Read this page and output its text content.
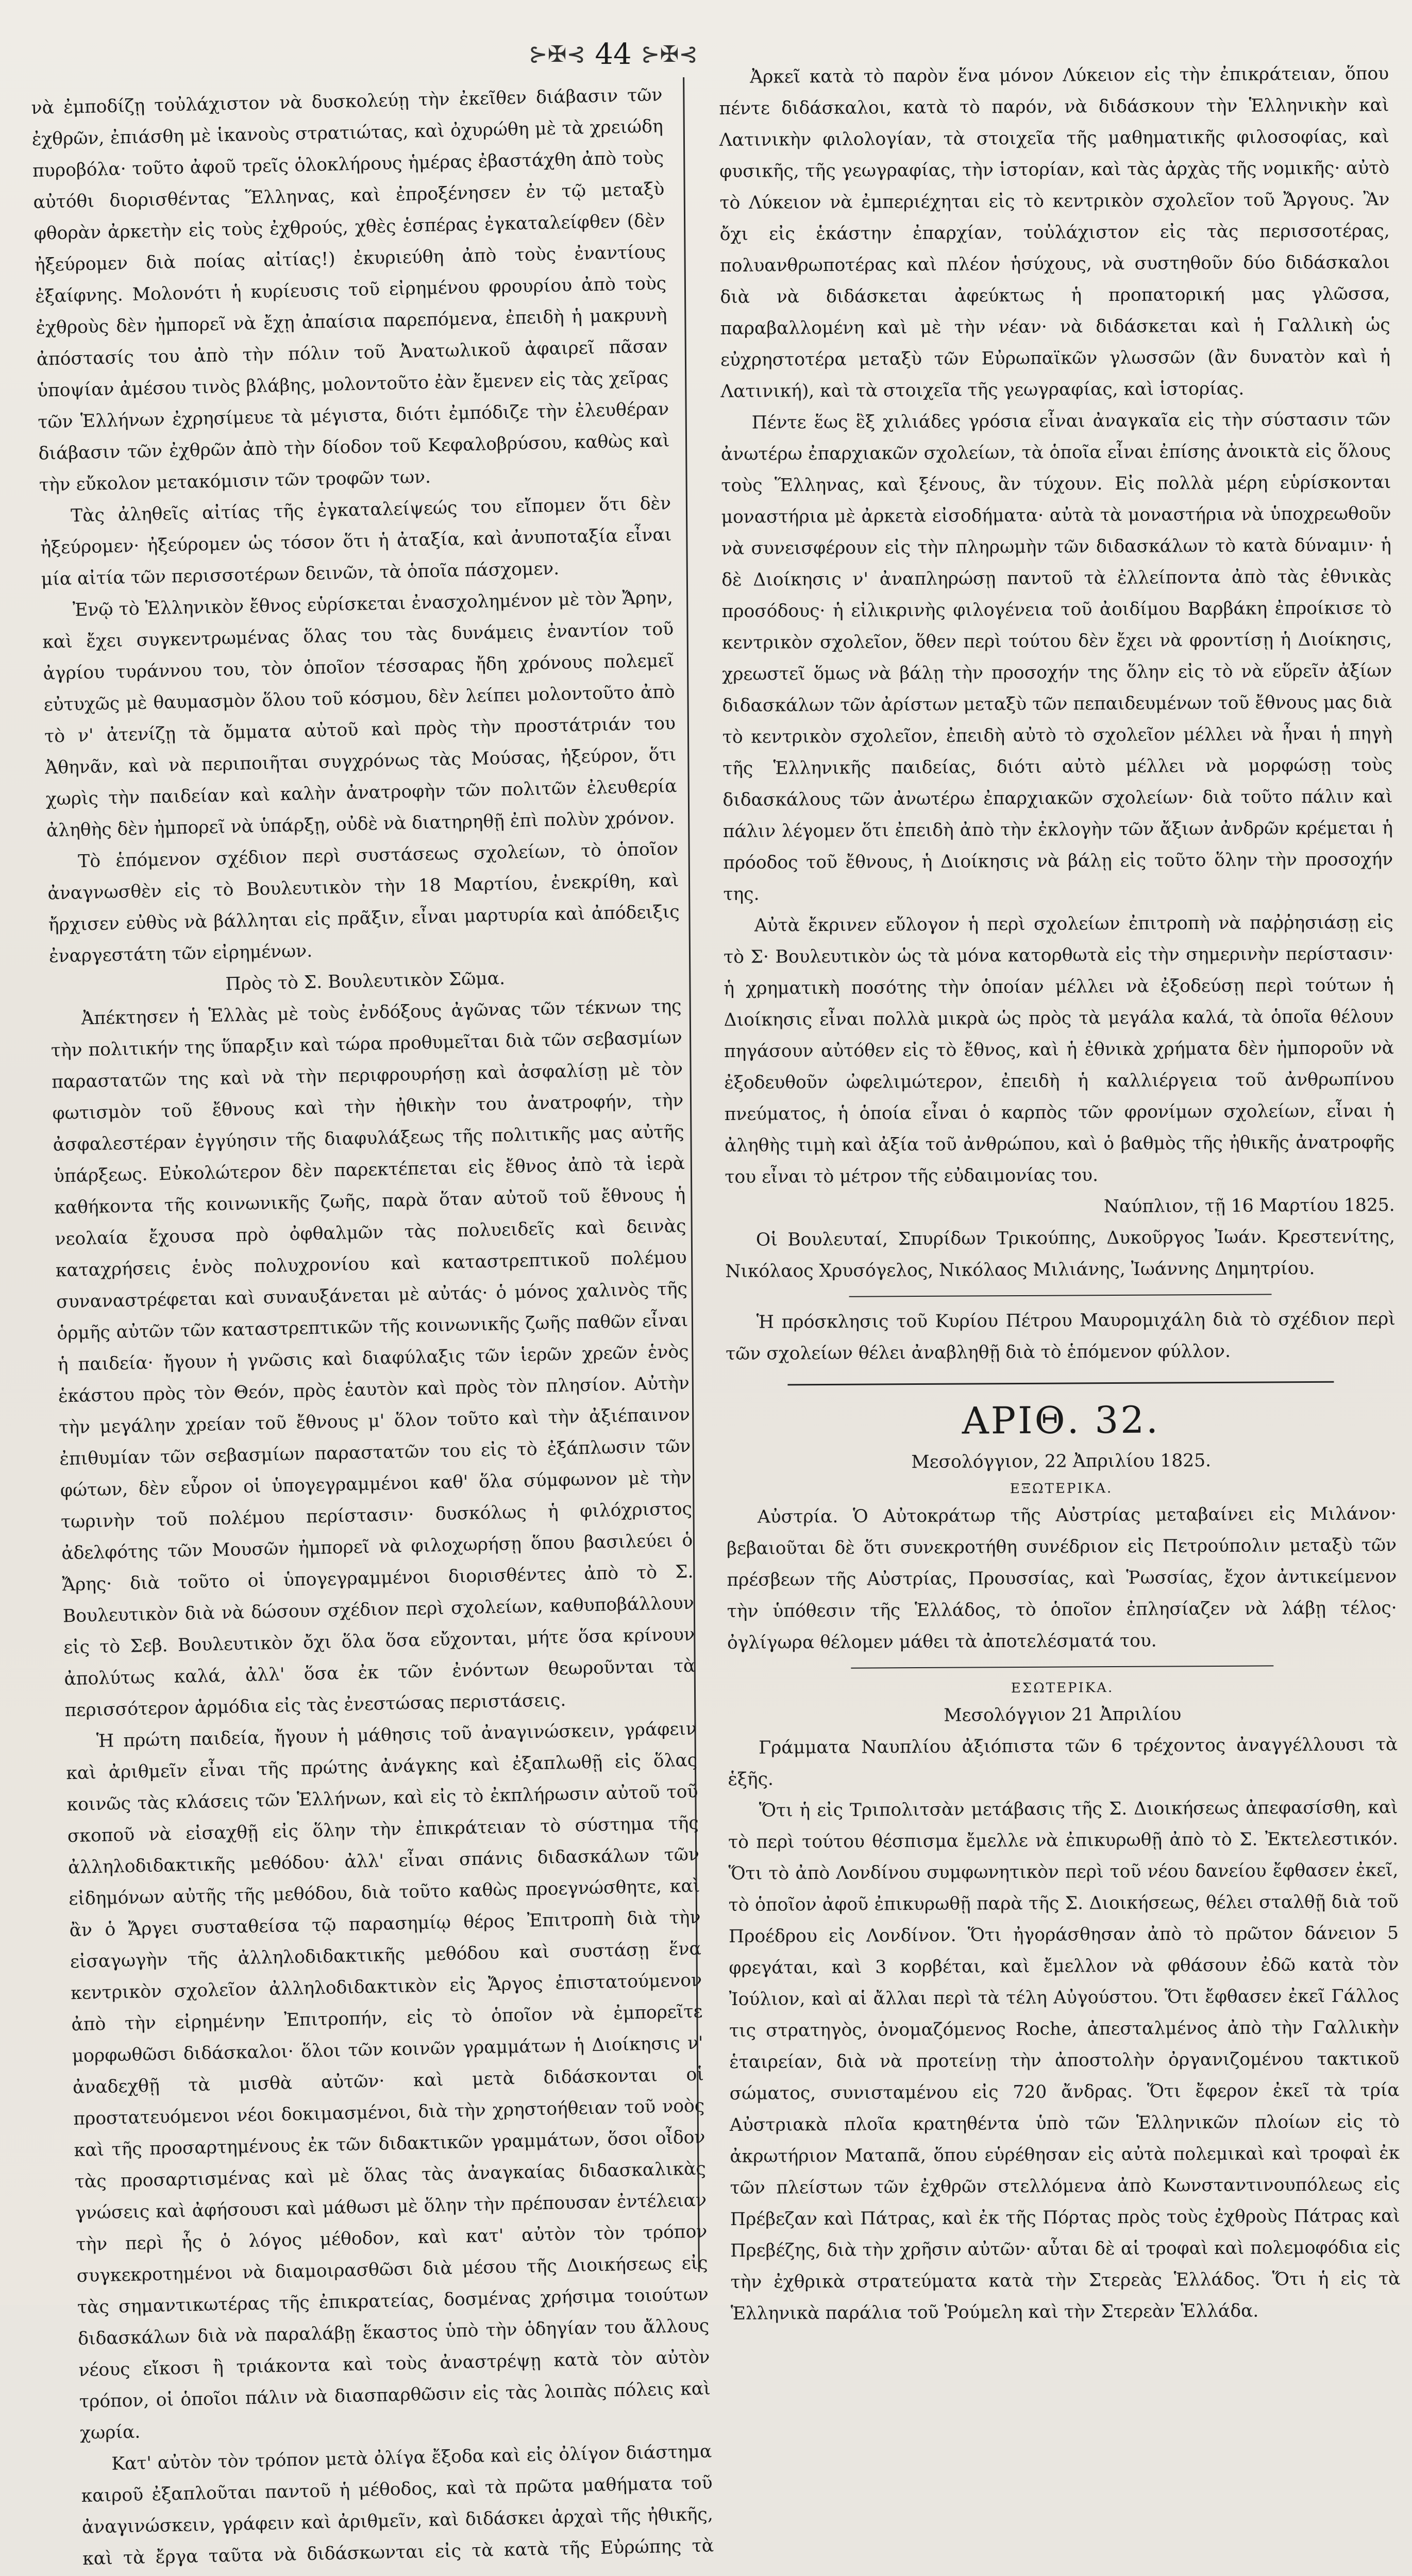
⊱✠⊰ 44 ⊱✠⊰

νὰ ἐμποδίζῃ τοὐλάχιστον νὰ δυσκολεύῃ τὴν ἐκεῖθεν διάβασιν τῶν ἐχθρῶν, ἐπιάσθη μὲ ἱκανοὺς στρατιώτας, καὶ ὀχυρώθη μὲ τὰ χρειώδη πυροβόλα· τοῦτο ἀφοῦ τρεῖς ὁλοκλήρους ἡμέρας ἐβαστάχθη ἀπὸ τοὺς αὐτόθι διορισθέντας Ἕλληνας, καὶ ἐπροξένησεν ἐν τῷ μεταξὺ φθορὰν ἀρκετὴν εἰς τοὺς ἐχθρούς, χθὲς ἑσπέρας ἐγκαταλείφθεν (δὲν ἠξεύρομεν διὰ ποίας αἰτίας!) ἐκυριεύθη ἀπὸ τοὺς ἐναντίους ἐξαίφνης. Μολονότι ἡ κυρίευσις τοῦ εἰρημένου φρουρίου ἀπὸ τοὺς ἐχθροὺς δὲν ἠμπορεῖ νὰ ἔχῃ ἀπαίσια παρεπόμενα, ἐπειδὴ ἡ μακρυνὴ ἀπόστασίς του ἀπὸ τὴν πόλιν τοῦ Ἀνατωλικοῦ ἀφαιρεῖ πᾶσαν ὑποψίαν ἀμέσου τινὸς βλάβης, μολοντοῦτο ἐὰν ἔμενεν εἰς τὰς χεῖρας τῶν Ἑλλήνων ἐχρησίμευε τὰ μέγιστα, διότι ἐμπόδιζε τὴν ἐλευθέραν διάβασιν τῶν ἐχθρῶν ἀπὸ τὴν δίοδον τοῦ Κεφαλοβρύσου, καθὼς καὶ τὴν εὔκολον μετακόμισιν τῶν τροφῶν των.

Τὰς ἀληθεῖς αἰτίας τῆς ἐγκαταλείψεώς του εἴπομεν ὅτι δὲν ἠξεύρομεν· ἠξεύρομεν ὡς τόσον ὅτι ἡ ἀταξία, καὶ ἀνυποταξία εἶναι μία αἰτία τῶν περισσοτέρων δεινῶν, τὰ ὁποῖα πάσχομεν.

Ἐνῷ τὸ Ἑλληνικὸν ἔθνος εὑρίσκεται ἐνασχολημένον μὲ τὸν Ἄρην, καὶ ἔχει συγκεντρωμένας ὅλας του τὰς δυνάμεις ἐναντίον τοῦ ἀγρίου τυράννου του, τὸν ὁποῖον τέσσαρας ἤδη χρόνους πολεμεῖ εὐτυχῶς μὲ θαυμασμὸν ὅλου τοῦ κόσμου, δὲν λείπει μολοντοῦτο ἀπὸ τὸ ν' ἀτενίζῃ τὰ ὄμματα αὐτοῦ καὶ πρὸς τὴν προστάτριάν του Ἀθηνᾶν, καὶ νὰ περιποιῆται συγχρόνως τὰς Μούσας, ἠξεύρον, ὅτι χωρὶς τὴν παιδείαν καὶ καλὴν ἀνατροφὴν τῶν πολιτῶν ἐλευθερία ἀληθὴς δὲν ἠμπορεῖ νὰ ὑπάρξῃ, οὐδὲ νὰ διατηρηθῇ ἐπὶ πολὺν χρόνον.

Τὸ ἑπόμενον σχέδιον περὶ συστάσεως σχολείων, τὸ ὁποῖον ἀναγνωσθὲν εἰς τὸ Βουλευτικὸν τὴν 18 Μαρτίου, ἐνεκρίθη, καὶ ἤρχισεν εὐθὺς νὰ βάλληται εἰς πρᾶξιν, εἶναι μαρτυρία καὶ ἀπόδειξις ἐναργεστάτη τῶν εἰρημένων.

Πρὸς τὸ Σ. Βουλευτικὸν Σῶμα.

Ἀπέκτησεν ἡ Ἑλλὰς μὲ τοὺς ἐνδόξους ἀγῶνας τῶν τέκνων της τὴν πολιτικήν της ὕπαρξιν καὶ τώρα προθυμεῖται διὰ τῶν σεβασμίων παραστατῶν της καὶ νὰ τὴν περιφρουρήσῃ καὶ ἀσφαλίσῃ μὲ τὸν φωτισμὸν τοῦ ἔθνους καὶ τὴν ἠθικὴν του ἀνατροφήν, τὴν ἀσφαλεστέραν ἐγγύησιν τῆς διαφυλάξεως τῆς πολιτικῆς μας αὐτῆς ὑπάρξεως. Εὐκολώτερον δὲν παρεκτέπεται εἰς ἔθνος ἀπὸ τὰ ἱερὰ καθήκοντα τῆς κοινωνικῆς ζωῆς, παρὰ ὅταν αὐτοῦ τοῦ ἔθνους ἡ νεολαία ἔχουσα πρὸ ὀφθαλμῶν τὰς πολυειδεῖς καὶ δεινὰς καταχρήσεις ἑνὸς πολυχρονίου καὶ καταστρεπτικοῦ πολέμου συναναστρέφεται καὶ συναυξάνεται μὲ αὐτάς· ὁ μόνος χαλινὸς τῆς ὁρμῆς αὐτῶν τῶν καταστρεπτικῶν τῆς κοινωνικῆς ζωῆς παθῶν εἶναι ἡ παιδεία· ἤγουν ἡ γνῶσις καὶ διαφύλαξις τῶν ἱερῶν χρεῶν ἑνὸς ἑκάστου πρὸς τὸν Θεόν, πρὸς ἑαυτὸν καὶ πρὸς τὸν πλησίον. Αὐτὴν τὴν μεγάλην χρείαν τοῦ ἔθνους μ' ὅλον τοῦτο καὶ τὴν ἀξιέπαινον ἐπιθυμίαν τῶν σεβασμίων παραστατῶν του εἰς τὸ ἐξάπλωσιν τῶν φώτων, δὲν εὗρον οἱ ὑπογεγραμμένοι καθ' ὅλα σύμφωνον μὲ τὴν τωρινὴν τοῦ πολέμου περίστασιν· δυσκόλως ἡ φιλόχριστος ἀδελφότης τῶν Μουσῶν ἠμπορεῖ νὰ φιλοχωρήσῃ ὅπου βασιλεύει ὁ Ἄρης· διὰ τοῦτο οἱ ὑπογεγραμμένοι διορισθέντες ἀπὸ τὸ Σ. Βουλευτικὸν διὰ νὰ δώσουν σχέδιον περὶ σχολείων, καθυποβάλλουν εἰς τὸ Σεβ. Βουλευτικὸν ὄχι ὅλα ὅσα εὔχονται, μήτε ὅσα κρίνουν ἀπολύτως καλά, ἀλλ' ὅσα ἐκ τῶν ἐνόντων θεωροῦνται τὰ περισσότερον ἁρμόδια εἰς τὰς ἐνεστώσας περιστάσεις.

Ἡ πρώτη παιδεία, ἤγουν ἡ μάθησις τοῦ ἀναγινώσκειν, γράφειν καὶ ἀριθμεῖν εἶναι τῆς πρώτης ἀνάγκης καὶ ἐξαπλωθῇ εἰς ὅλας κοινῶς τὰς κλάσεις τῶν Ἑλλήνων, καὶ εἰς τὸ ἐκπλήρωσιν αὐτοῦ τοῦ σκοποῦ νὰ εἰσαχθῇ εἰς ὅλην τὴν ἐπικράτειαν τὸ σύστημα τῆς ἀλληλοδιδακτικῆς μεθόδου· ἀλλ' εἶναι σπάνις διδασκάλων τῶν εἰδημόνων αὐτῆς τῆς μεθόδου, διὰ τοῦτο καθὼς προεγνώσθητε, καὶ ἂν ὁ Ἄργει συσταθείσα τῷ παρασημίῳ θέρος Ἐπιτροπὴ διὰ τὴν εἰσαγωγὴν τῆς ἀλληλοδιδακτικῆς μεθόδου καὶ συστάσῃ ἕνα κεντρικὸν σχολεῖον ἀλληλοδιδακτικὸν εἰς Ἄργος ἐπιστατούμενον ἀπὸ τὴν εἰρημένην Ἐπιτροπήν, εἰς τὸ ὁποῖον νὰ ἐμπορεῖτε μορφωθῶσι διδάσκαλοι· ὅλοι τῶν κοινῶν γραμμάτων ἡ Διοίκησις ν' ἀναδεχθῇ τὰ μισθὰ αὐτῶν· καὶ μετὰ διδάσκονται οἱ προστατευόμενοι νέοι δοκιμασμένοι, διὰ τὴν χρηστοήθειαν τοῦ νοὸς καὶ τῆς προσαρτημένους ἐκ τῶν διδακτικῶν γραμμάτων, ὅσοι οἶδον τὰς προσαρτισμένας καὶ μὲ ὅλας τὰς ἀναγκαίας διδασκαλικὰς γνώσεις καὶ ἀφήσουσι καὶ μάθωσι μὲ ὅλην τὴν πρέπουσαν ἐντέλειαν τὴν περὶ ἧς ὁ λόγος μέθοδον, καὶ κατ' αὐτὸν τὸν τρόπον συγκεκροτημένοι νὰ διαμοιρασθῶσι διὰ μέσου τῆς Διοικήσεως εἰς τὰς σημαντικωτέρας τῆς ἐπικρατείας, δοσμένας χρήσιμα τοιούτων διδασκάλων διὰ νὰ παραλάβῃ ἕκαστος ὑπὸ τὴν ὁδηγίαν του ἄλλους νέους εἴκοσι ἢ τριάκοντα καὶ τοὺς ἀναστρέψῃ κατὰ τὸν αὐτὸν τρόπον, οἱ ὁποῖοι πάλιν νὰ διασπαρθῶσιν εἰς τὰς λοιπὰς πόλεις καὶ χωρία.

Κατ' αὐτὸν τὸν τρόπον μετὰ ὀλίγα ἔξοδα καὶ εἰς ὀλίγον διάστημα καιροῦ ἐξαπλοῦται παντοῦ ἡ μέθοδος, καὶ τὰ πρῶτα μαθήματα τοῦ ἀναγινώσκειν, γράφειν καὶ ἀριθμεῖν, καὶ διδάσκει ἀρχαὶ τῆς ἠθικῆς, καὶ τὰ ἔργα ταῦτα νὰ διδάσκωνται εἰς τὰ κατὰ τῆς Εὐρώπης τὰ

Ἀρκεῖ κατὰ τὸ παρὸν ἕνα μόνον Λύκειον εἰς τὴν ἐπικράτειαν, ὅπου πέντε διδάσκαλοι, κατὰ τὸ παρόν, νὰ διδάσκουν τὴν Ἑλληνικὴν καὶ Λατινικὴν φιλολογίαν, τὰ στοιχεῖα τῆς μαθηματικῆς φιλοσοφίας, καὶ φυσικῆς, τῆς γεωγραφίας, τὴν ἱστορίαν, καὶ τὰς ἀρχὰς τῆς νομικῆς· αὐτὸ τὸ Λύκειον νὰ ἐμπεριέχηται εἰς τὸ κεντρικὸν σχολεῖον τοῦ Ἄργους. Ἂν ὄχι εἰς ἑκάστην ἐπαρχίαν, τοὐλάχιστον εἰς τὰς περισσοτέρας, πολυανθρωποτέρας καὶ πλέον ἡσύχους, νὰ συστηθοῦν δύο διδάσκαλοι διὰ νὰ διδάσκεται ἀφεύκτως ἡ προπατορική μας γλῶσσα, παραβαλλομένη καὶ μὲ τὴν νέαν· νὰ διδάσκεται καὶ ἡ Γαλλικὴ ὡς εὐχρηστοτέρα μεταξὺ τῶν Εὐρωπαϊκῶν γλωσσῶν (ἂν δυνατὸν καὶ ἡ Λατινική), καὶ τὰ στοιχεῖα τῆς γεωγραφίας, καὶ ἱστορίας.

Πέντε ἕως ἓξ χιλιάδες γρόσια εἶναι ἀναγκαῖα εἰς τὴν σύστασιν τῶν ἀνωτέρω ἐπαρχιακῶν σχολείων, τὰ ὁποῖα εἶναι ἐπίσης ἀνοικτὰ εἰς ὅλους τοὺς Ἕλληνας, καὶ ξένους, ἂν τύχουν. Εἰς πολλὰ μέρη εὑρίσκονται μοναστήρια μὲ ἀρκετὰ εἰσοδήματα· αὐτὰ τὰ μοναστήρια νὰ ὑποχρεωθοῦν νὰ συνεισφέρουν εἰς τὴν πληρωμὴν τῶν διδασκάλων τὸ κατὰ δύναμιν· ἡ δὲ Διοίκησις ν' ἀναπληρώσῃ παντοῦ τὰ ἐλλείποντα ἀπὸ τὰς ἐθνικὰς προσόδους· ἡ εἰλικρινὴς φιλογένεια τοῦ ἀοιδίμου Βαρβάκη ἐπροίκισε τὸ κεντρικὸν σχολεῖον, ὅθεν περὶ τούτου δὲν ἔχει νὰ φροντίσῃ ἡ Διοίκησις, χρεωστεῖ ὅμως νὰ βάλῃ τὴν προσοχήν της ὅλην εἰς τὸ νὰ εὕρεῖν ἀξίων διδασκάλων τῶν ἀρίστων μεταξὺ τῶν πεπαιδευμένων τοῦ ἔθνους μας διὰ τὸ κεντρικὸν σχολεῖον, ἐπειδὴ αὐτὸ τὸ σχολεῖον μέλλει νὰ ἦναι ἡ πηγὴ τῆς Ἑλληνικῆς παιδείας, διότι αὐτὸ μέλλει νὰ μορφώσῃ τοὺς διδασκάλους τῶν ἀνωτέρω ἐπαρχιακῶν σχολείων· διὰ τοῦτο πάλιν καὶ πάλιν λέγομεν ὅτι ἐπειδὴ ἀπὸ τὴν ἐκλογὴν τῶν ἄξιων ἀνδρῶν κρέμεται ἡ πρόοδος τοῦ ἔθνους, ἡ Διοίκησις νὰ βάλῃ εἰς τοῦτο ὅλην τὴν προσοχήν της.

Αὐτὰ ἔκρινεν εὔλογον ἡ περὶ σχολείων ἐπιτροπὴ νὰ παῤῥησιάσῃ εἰς τὸ Σ· Βουλευτικὸν ὡς τὰ μόνα κατορθωτὰ εἰς τὴν σημερινὴν περίστασιν· ἡ χρηματικὴ ποσότης τὴν ὁποίαν μέλλει νὰ ἐξοδεύσῃ περὶ τούτων ἡ Διοίκησις εἶναι πολλὰ μικρὰ ὡς πρὸς τὰ μεγάλα καλά, τὰ ὁποῖα θέλουν πηγάσουν αὐτόθεν εἰς τὸ ἔθνος, καὶ ἡ ἐθνικὰ χρήματα δὲν ἠμποροῦν νὰ ἐξοδευθοῦν ὠφελιμώτερον, ἐπειδὴ ἡ καλλιέργεια τοῦ ἀνθρωπίνου πνεύματος, ἡ ὁποία εἶναι ὁ καρπὸς τῶν φρονίμων σχολείων, εἶναι ἡ ἀληθὴς τιμὴ καὶ ἀξία τοῦ ἀνθρώπου, καὶ ὁ βαθμὸς τῆς ἠθικῆς ἀνατροφῆς του εἶναι τὸ μέτρον τῆς εὐδαιμονίας του.

Ναύπλιον, τῇ 16 Μαρτίου 1825.

Οἱ Βουλευταί, Σπυρίδων Τρικούπης, Δυκοῦργος Ἰωάν. Κρεστενίτης, Νικόλαος Χρυσόγελος, Νικόλαος Μιλιάνης, Ἰωάννης Δημητρίου.

Ἡ πρόσκλησις τοῦ Κυρίου Πέτρου Μαυρομιχάλη διὰ τὸ σχέδιον περὶ τῶν σχολείων θέλει ἀναβληθῇ διὰ τὸ ἑπόμενον φύλλον.

ΑΡΙΘ. 32.

Μεσολόγγιον, 22 Ἀπριλίου 1825.

ΕΞΩΤΕΡΙΚΑ.

Αὐστρία. Ὁ Αὐτοκράτωρ τῆς Αὐστρίας μεταβαίνει εἰς Μιλάνον· βεβαιοῦται δὲ ὅτι συνεκροτήθη συνέδριον εἰς Πετρούπολιν μεταξὺ τῶν πρέσβεων τῆς Αὐστρίας, Προυσσίας, καὶ Ῥωσσίας, ἔχον ἀντικείμενον τὴν ὑπόθεσιν τῆς Ἑλλάδος, τὸ ὁποῖον ἐπλησίαζεν νὰ λάβῃ τέλος· ὀγλίγωρα θέλομεν μάθει τὰ ἀποτελέσματά του.

ΕΣΩΤΕΡΙΚΑ.

Μεσολόγγιον 21 Ἀπριλίου

Γράμματα Ναυπλίου ἀξιόπιστα τῶν 6 τρέχοντος ἀναγγέλλουσι τὰ ἑξῆς.

Ὅτι ἡ εἰς Τριπολιτσὰν μετάβασις τῆς Σ. Διοικήσεως ἀπεφασίσθη, καὶ τὸ περὶ τούτου θέσπισμα ἔμελλε νὰ ἐπικυρωθῇ ἀπὸ τὸ Σ. Ἐκτελεστικόν. Ὅτι τὸ ἀπὸ Λονδίνου συμφωνητικὸν περὶ τοῦ νέου δανείου ἔφθασεν ἐκεῖ, τὸ ὁποῖον ἀφοῦ ἐπικυρωθῇ παρὰ τῆς Σ. Διοικήσεως, θέλει σταλθῇ διὰ τοῦ Προέδρου εἰς Λονδίνον. Ὅτι ἠγοράσθησαν ἀπὸ τὸ πρῶτον δάνειον 5 φρεγάται, καὶ 3 κορβέται, καὶ ἔμελλον νὰ φθάσουν ἐδῶ κατὰ τὸν Ἰούλιον, καὶ αἱ ἄλλαι περὶ τὰ τέλη Αὐγούστου. Ὅτι ἔφθασεν ἐκεῖ Γάλλος τις στρατηγὸς, ὀνομαζόμενος Roche, ἀπεσταλμένος ἀπὸ τὴν Γαλλικὴν ἑταιρείαν, διὰ νὰ προτείνῃ τὴν ἀποστολὴν ὀργανιζομένου τακτικοῦ σώματος, συνισταμένου εἰς 720 ἄνδρας. Ὅτι ἔφερον ἐκεῖ τὰ τρία Αὐστριακὰ πλοῖα κρατηθέντα ὑπὸ τῶν Ἑλληνικῶν πλοίων εἰς τὸ ἀκρωτήριον Ματαπᾶ, ὅπου εὑρέθησαν εἰς αὐτὰ πολεμικαὶ καὶ τροφαὶ ἐκ τῶν πλείστων τῶν ἐχθρῶν στελλόμενα ἀπὸ Κωνσταντινουπόλεως εἰς Πρέβεζαν καὶ Πάτρας, καὶ ἐκ τῆς Πόρτας πρὸς τοὺς ἐχθροὺς Πάτρας καὶ Πρεβέζης, διὰ τὴν χρῆσιν αὐτῶν· αὗται δὲ αἱ τροφαὶ καὶ πολεμοφόδια εἰς τὴν ἐχθρικὰ στρατεύματα κατὰ τὴν Στερεὰς Ἑλλάδος. Ὅτι ἡ εἰς τὰ Ἑλληνικὰ παράλια τοῦ Ῥούμελη καὶ τὴν Στερεὰν Ἑλλάδα.
